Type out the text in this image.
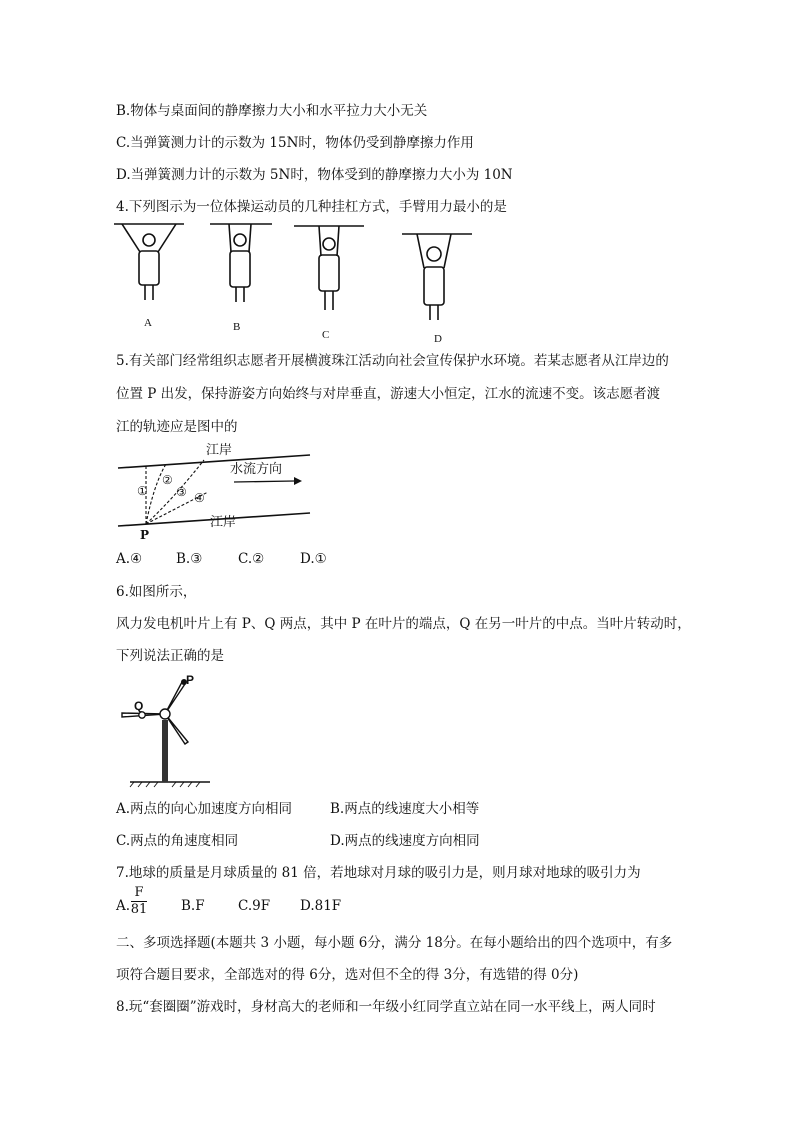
B.物体与桌面间的静摩擦力大小和水平拉力大小无关
C.当弹簧测力计的示数为 15N时，物体仍受到静摩擦力作用
D.当弹簧测力计的示数为 5N时，物体受到的静摩擦力大小为 10N
4.下列图示为一位体操运动员的几种挂杠方式，手臂用力最小的是
A	B
C	D
5.有关部门经常组织志愿者开展横渡珠江活动向社会宣传保护水环境。若某志愿者从江岸边的
位置 P 出发，保持游姿方向始终与对岸垂直，游速大小恒定，江水的流速不变。该志愿者渡
江的轨迹应是图中的
江岸
江岸
水流方向
P
①
②
③ ④
A.④	B.③	C.②	D.①
6.如图所示，
风力发电机叶片上有 P、Q 两点，其中 P 在叶片的端点，Q 在另一叶片的中点。当叶片转动时，
下列说法正确的是
P
Q
A.两点的向心加速度方向相同	B.两点的线速度大小相等
C.两点的角速度相同	D.两点的线速度方向相同
7.地球的质量是月球质量的 81 倍，若地球对月球的吸引力是，则月球对地球的吸引力为
A.
F
81 B.F C.9F D.81F
二、多项选择题(本题共 3 小题，每小题 6分，满分 18分。在每小题给出的四个选项中，有多
项符合题目要求，全部选对的得 6分，选对但不全的得 3分，有选错的得 0分)
8.玩“套圈圈”游戏时，身材高大的老师和一年级小红同学直立站在同一水平线上，两人同时
